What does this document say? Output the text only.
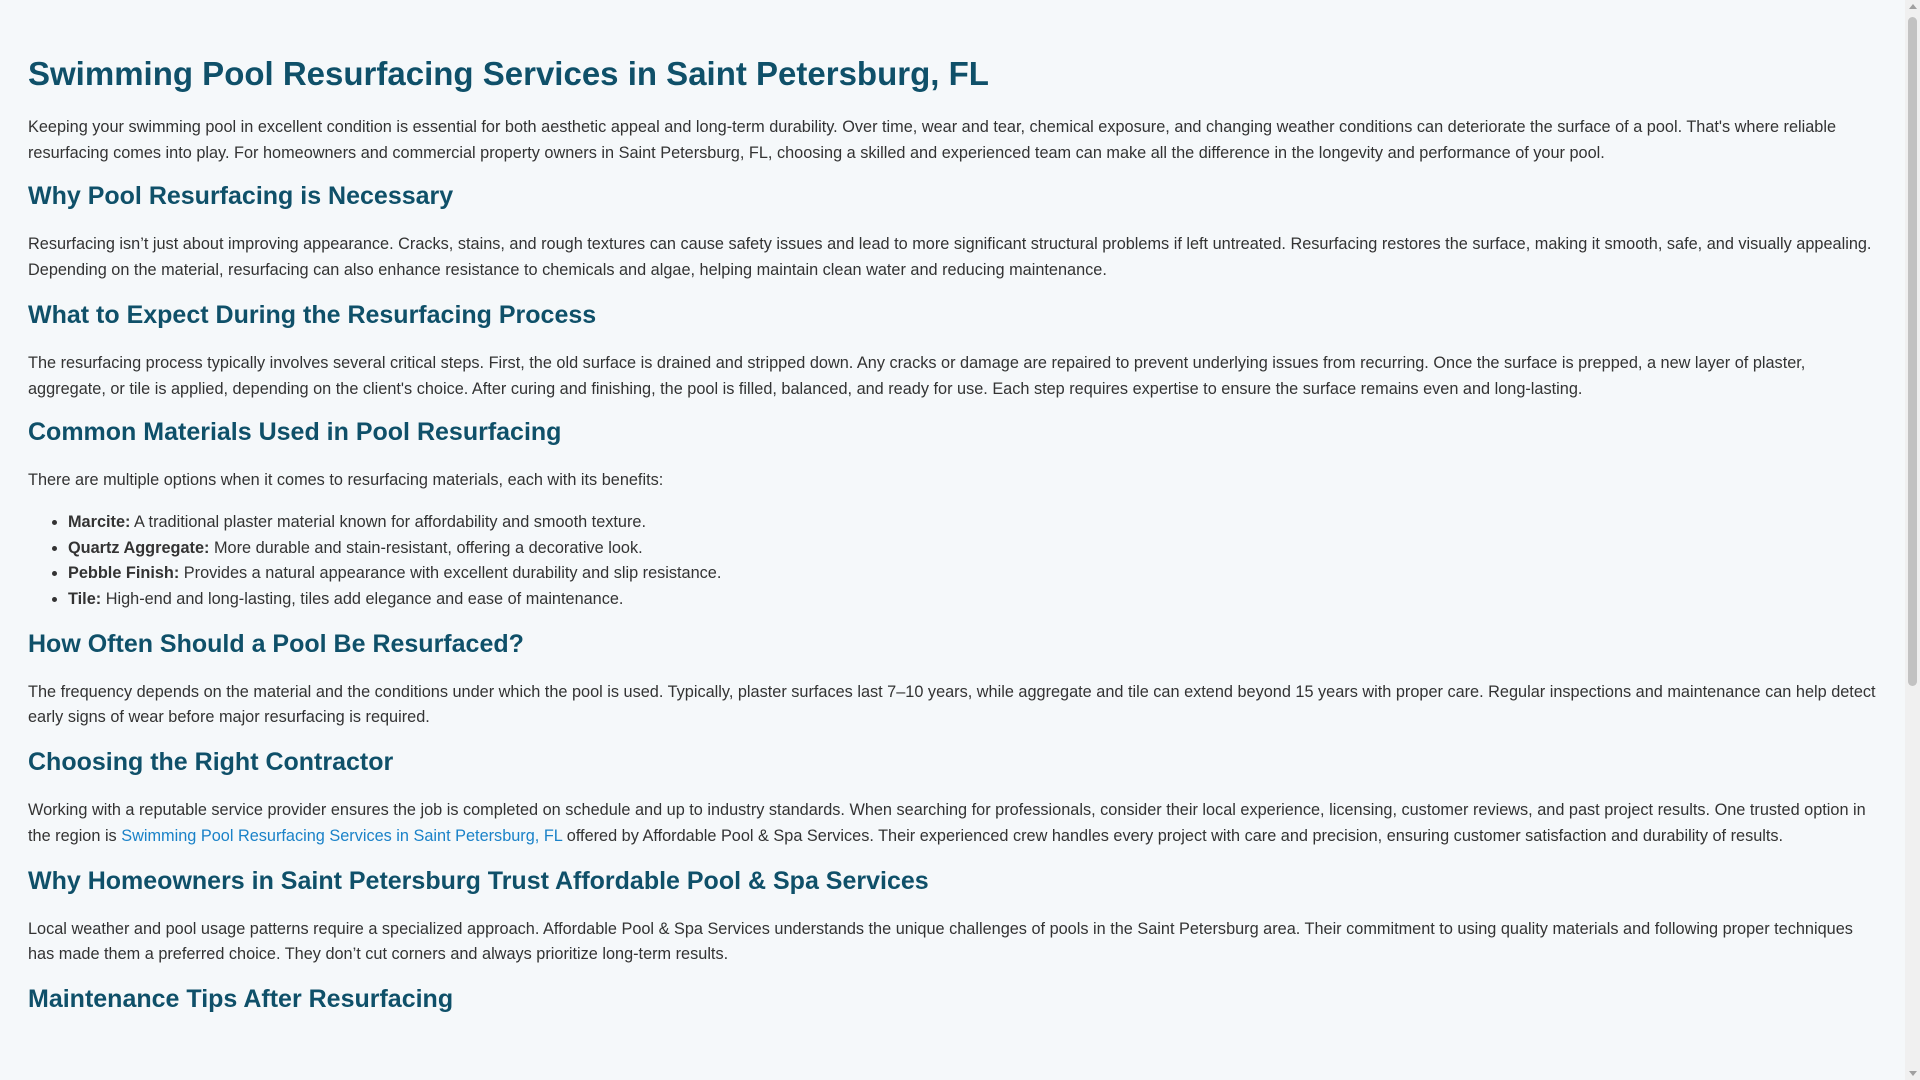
Swimming Pool Resurfacing Services in Saint Petersburg, FL

Keeping your swimming pool in excellent condition is essential for both aesthetic appeal and long-term durability. Over time, wear and tear, chemical exposure, and changing weather conditions can deteriorate the surface of a pool. That's where reliable resurfacing comes into play. For homeowners and commercial property owners in Saint Petersburg, FL, choosing a skilled and experienced team can make all the difference in the longevity and performance of your pool.

Why Pool Resurfacing is Necessary

Resurfacing isn’t just about improving appearance. Cracks, stains, and rough textures can cause safety issues and lead to more significant structural problems if left untreated. Resurfacing restores the surface, making it smooth, safe, and visually appealing. Depending on the material, resurfacing can also enhance resistance to chemicals and algae, helping maintain clean water and reducing maintenance.

What to Expect During the Resurfacing Process

The resurfacing process typically involves several critical steps. First, the old surface is drained and stripped down. Any cracks or damage are repaired to prevent underlying issues from recurring. Once the surface is prepped, a new layer of plaster, aggregate, or tile is applied, depending on the client's choice. After curing and finishing, the pool is filled, balanced, and ready for use. Each step requires expertise to ensure the surface remains even and long-lasting.

Common Materials Used in Pool Resurfacing

There are multiple options when it comes to resurfacing materials, each with its benefits:

• Marcite: A traditional plaster material known for affordability and smooth texture.
• Quartz Aggregate: More durable and stain-resistant, offering a decorative look.
• Pebble Finish: Provides a natural appearance with excellent durability and slip resistance.
• Tile: High-end and long-lasting, tiles add elegance and ease of maintenance.
How Often Should a Pool Be Resurfaced?

The frequency depends on the material and the conditions under which the pool is used. Typically, plaster surfaces last 7–10 years, while aggregate and tile can extend beyond 15 years with proper care. Regular inspections and maintenance can help detect early signs of wear before major resurfacing is required.

Choosing the Right Contractor

Working with a reputable service provider ensures the job is completed on schedule and up to industry standards. When searching for professionals, consider their local experience, licensing, customer reviews, and past project results. One trusted option in the region is Swimming Pool Resurfacing Services in Saint Petersburg, FL offered by Affordable Pool & Spa Services. Their experienced crew handles every project with care and precision, ensuring customer satisfaction and durability of results.

Why Homeowners in Saint Petersburg Trust Affordable Pool & Spa Services

Local weather and pool usage patterns require a specialized approach. Affordable Pool & Spa Services understands the unique challenges of pools in the Saint Petersburg area. Their commitment to using quality materials and following proper techniques has made them a preferred choice. They don’t cut corners and always prioritize long-term results.

Maintenance Tips After Resurfacing
